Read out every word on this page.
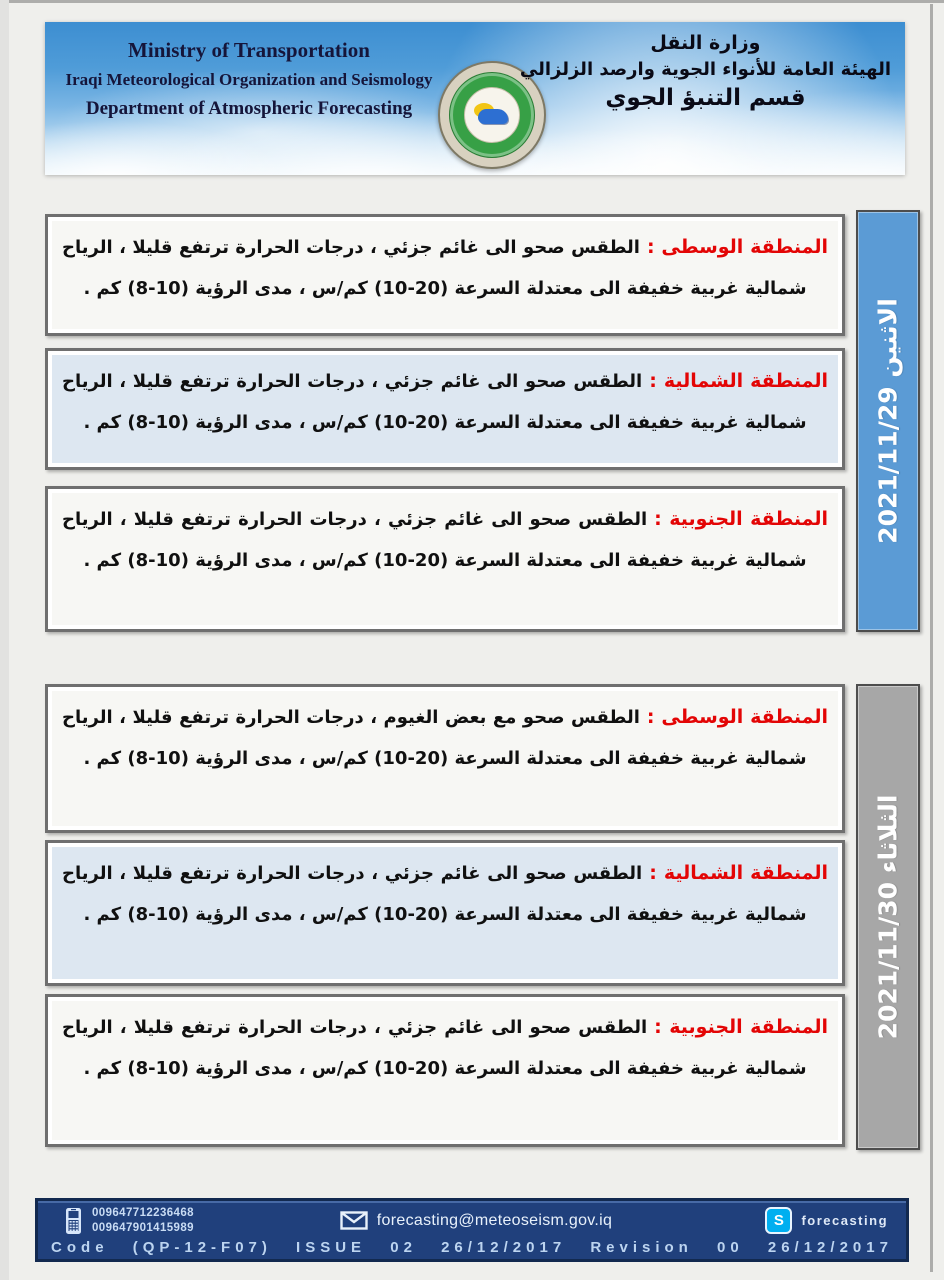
Ministry of Transportation
Iraqi Meteorological Organization and Seismology
Department of Atmospheric Forecasting
وزارة النقل
الهيئة العامة للأنواء الجوية وارصد الزلزالي
قسم التنبؤ الجوي

المنطقة الوسطى :الطقس صحو الى غائم جزئي ، درجات الحرارة ترتفع قليلا ، الرياح شمالية غربية خفيفة الى معتدلة السرعة (20-10) كم/س ، مدى الرؤية (10-8) كم .

المنطقة الشمالية :الطقس صحو الى غائم جزئي ، درجات الحرارة ترتفع قليلا ، الرياح شمالية غربية خفيفة الى معتدلة السرعة (20-10) كم/س ، مدى الرؤية (10-8) كم .

المنطقة الجنوبية :الطقس صحو الى غائم جزئي ، درجات الحرارة ترتفع قليلا ، الرياح شمالية غربية خفيفة الى معتدلة السرعة (20-10) كم/س ، مدى الرؤية (10-8) كم .

الاثنين 2021/11/29

المنطقة الوسطى :الطقس صحو مع بعض الغيوم ، درجات الحرارة ترتفع قليلا ، الرياح شمالية غربية خفيفة الى معتدلة السرعة (20-10) كم/س ، مدى الرؤية (10-8) كم .

المنطقة الشمالية :الطقس صحو الى غائم جزئي ، درجات الحرارة ترتفع قليلا ، الرياح شمالية غربية خفيفة الى معتدلة السرعة (20-10) كم/س ، مدى الرؤية (10-8) كم .

المنطقة الجنوبية :الطقس صحو الى غائم جزئي ، درجات الحرارة ترتفع قليلا ، الرياح شمالية غربية خفيفة الى معتدلة السرعة (20-10) كم/س ، مدى الرؤية (10-8) كم .

الثلاثاء 2021/11/30
009647712236468
009647901415989	forecasting@meteoseism.gov.iq	S	forecasting
Code (QP-12-F07) ISSUE 02 26/12/2017 Revision 00 26/12/2017
